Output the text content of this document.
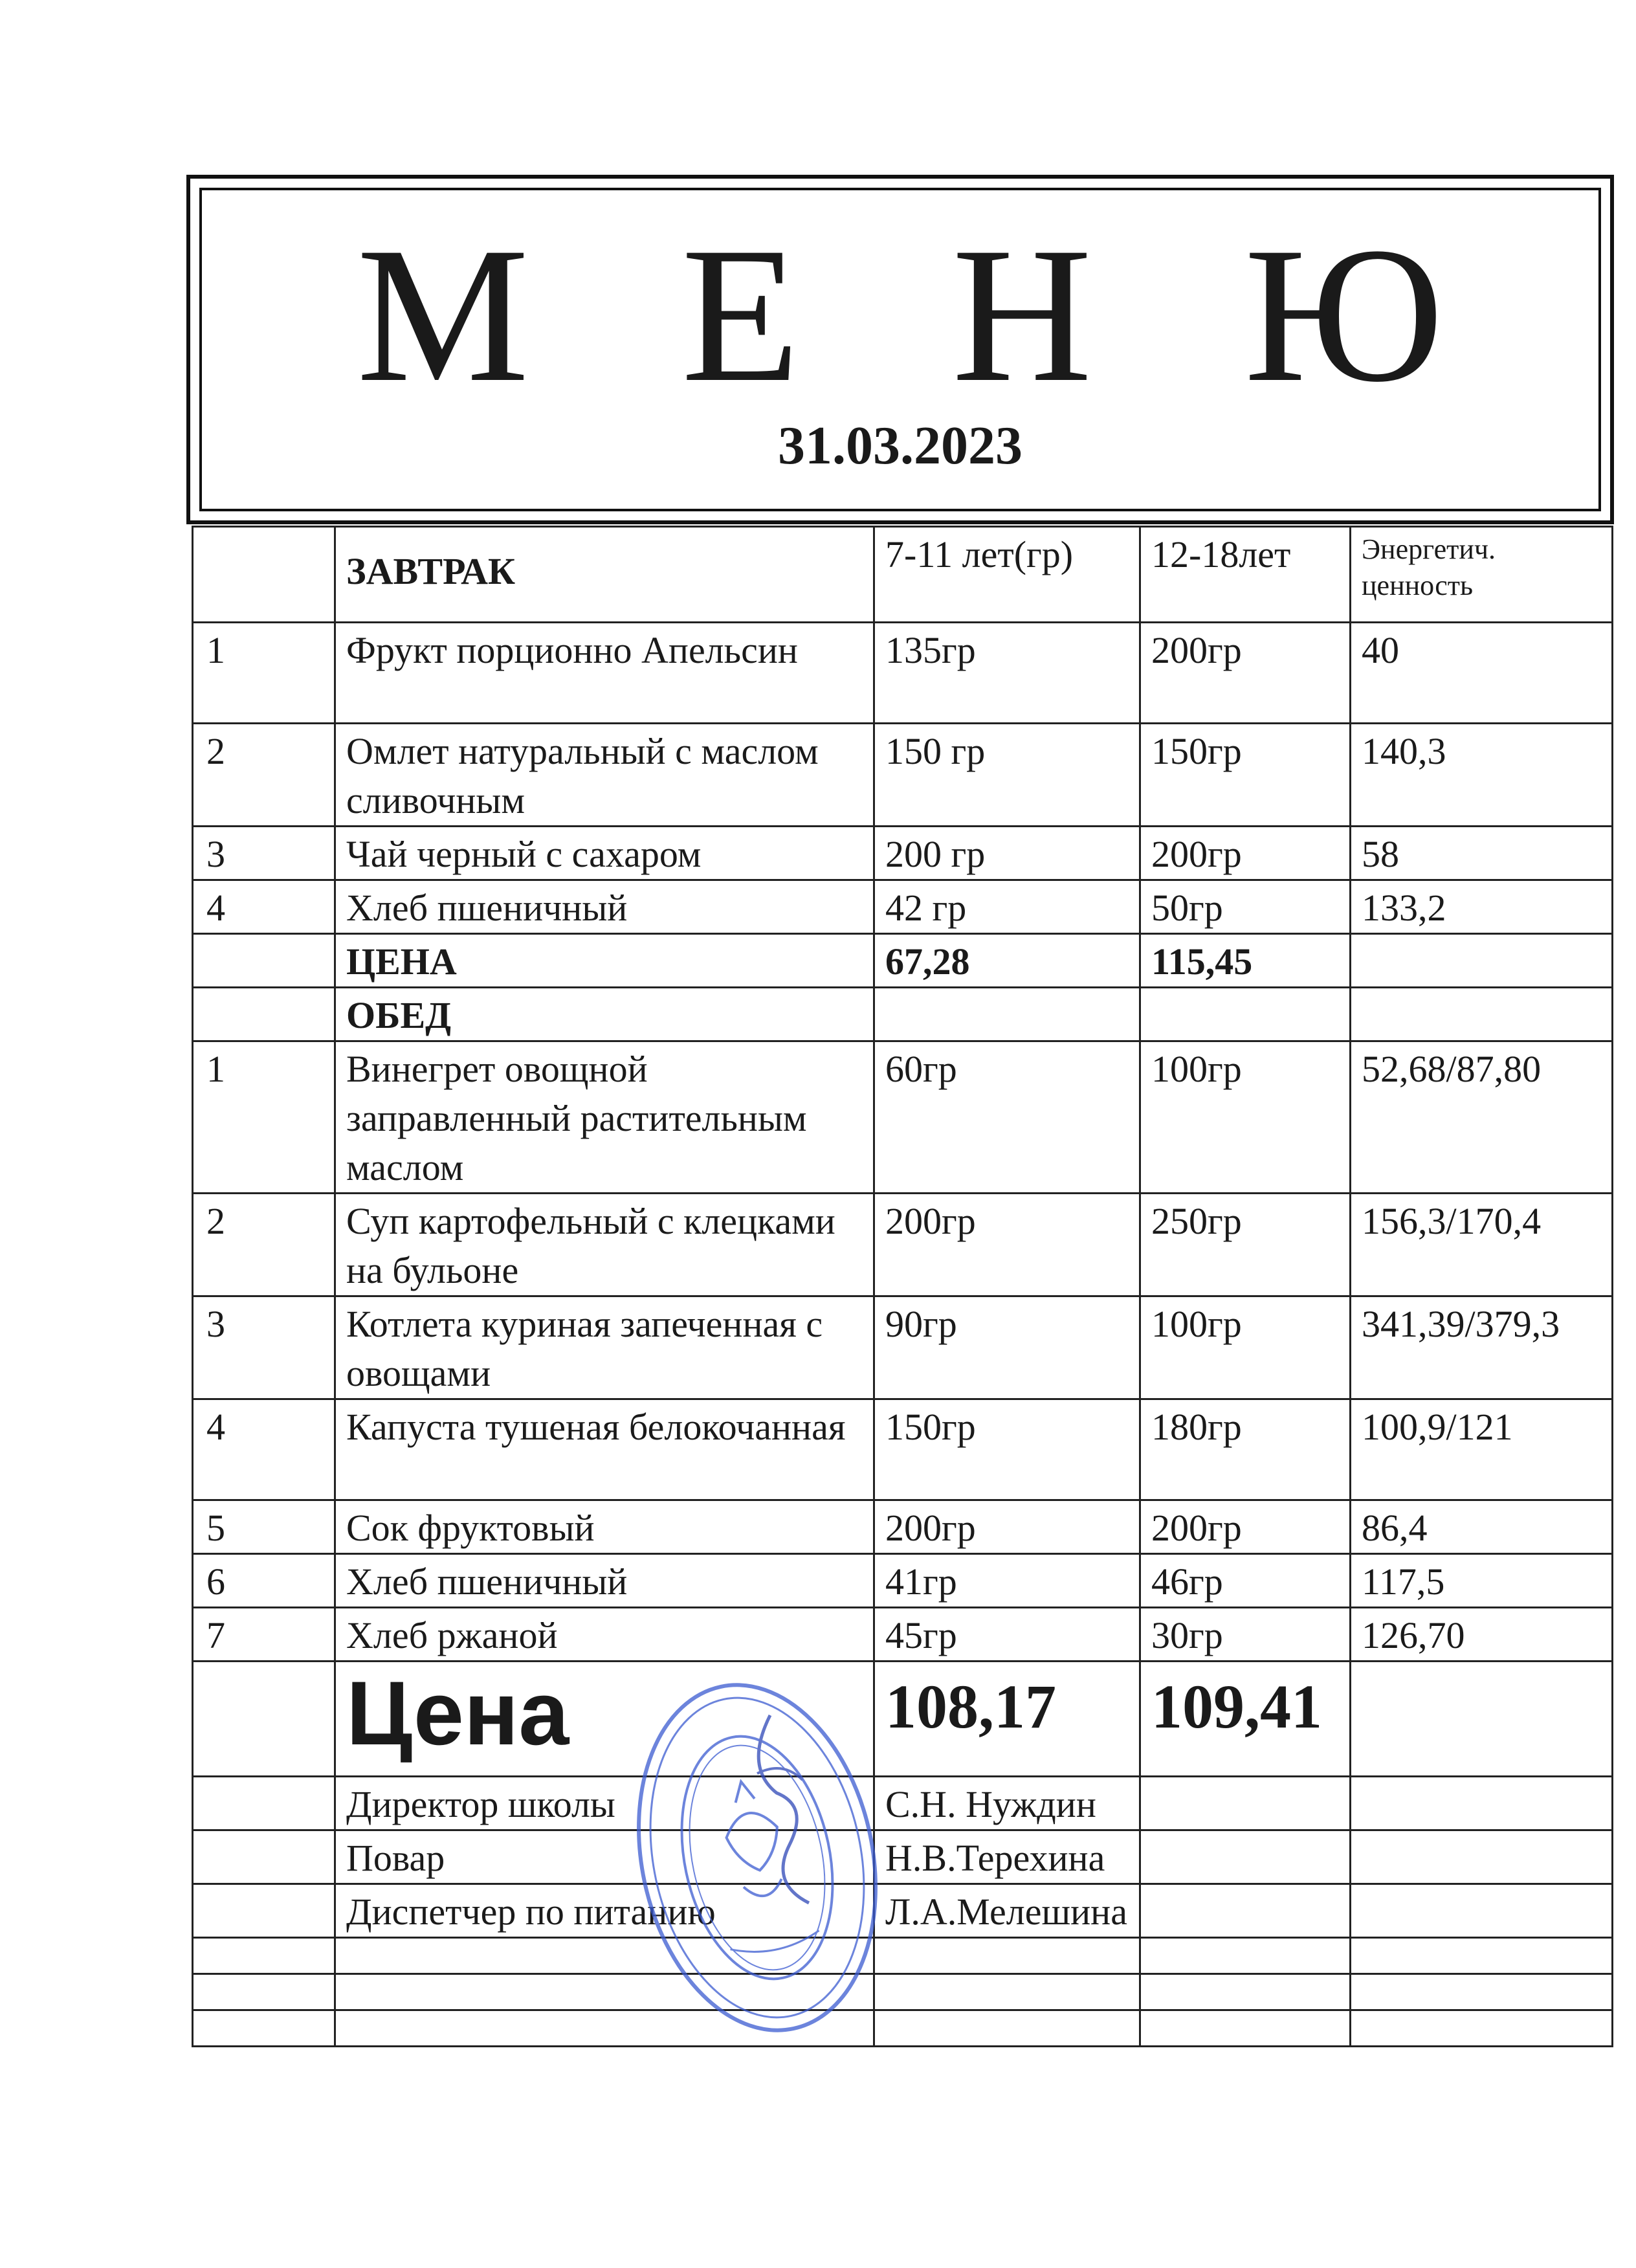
М Е Н Ю
31.03.2023
	ЗАВТРАК	7-11 лет(гр)	12-18лет	Энергетич. ценность
1	Фрукт порционно Апельсин	135гр	200гр	40
2	Омлет натуральный с маслом сливочным	150 гр	150гр	140,3
3	Чай черный с сахаром	200 гр	200гр	58
4	Хлеб пшеничный	42 гр	50гр	133,2
	ЦЕНА	67,28	115,45	
	ОБЕД			
1	Винегрет овощной заправленный растительным маслом	60гр	100гр	52,68/87,80
2	Суп картофельный с клецками на бульоне	200гр	250гр	156,3/170,4
3	Котлета куриная запеченная с овощами	90гр	100гр	341,39/379,3
4	Капуста тушеная белокочанная	150гр	180гр	100,9/121
5	Сок фруктовый	200гр	200гр	86,4
6	Хлеб пшеничный	41гр	46гр	117,5
7	Хлеб ржаной	45гр	30гр	126,70
	Цена	108,17	109,41	
	Директор школы	С.Н. Нуждин		
	Повар	Н.В.Терехина		
	Диспетчер по питанию	Л.А.Мелешина		
